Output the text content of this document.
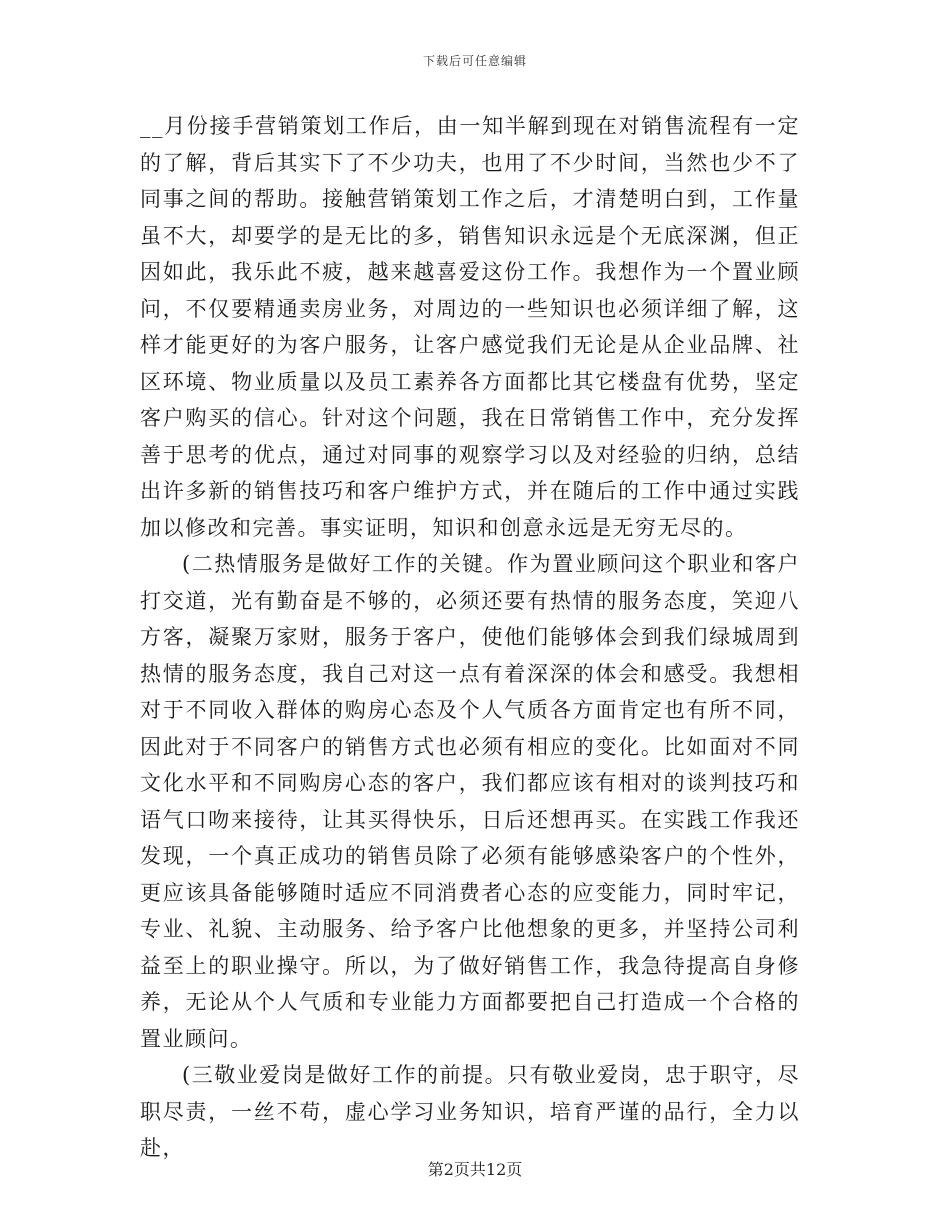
下载后可任意编辑

__月份接手营销策划工作后，由一知半解到现在对销售流程有一定的了解，背后其实下了不少功夫，也用了不少时间，当然也少不了同事之间的帮助。接触营销策划工作之后，才清楚明白到，工作量虽不大，却要学的是无比的多，销售知识永远是个无底深渊，但正因如此，我乐此不疲，越来越喜爱这份工作。我想作为一个置业顾问，不仅要精通卖房业务，对周边的一些知识也必须详细了解，这样才能更好的为客户服务，让客户感觉我们无论是从企业品牌、社区环境、物业质量以及员工素养各方面都比其它楼盘有优势，坚定客户购买的信心。针对这个问题，我在日常销售工作中，充分发挥善于思考的优点，通过对同事的观察学习以及对经验的归纳，总结出许多新的销售技巧和客户维护方式，并在随后的工作中通过实践加以修改和完善。事实证明，知识和创意永远是无穷无尽的。

(二热情服务是做好工作的关键。作为置业顾问这个职业和客户打交道，光有勤奋是不够的，必须还要有热情的服务态度，笑迎八方客，凝聚万家财，服务于客户，使他们能够体会到我们绿城周到热情的服务态度，我自己对这一点有着深深的体会和感受。我想相对于不同收入群体的购房心态及个人气质各方面肯定也有所不同，因此对于不同客户的销售方式也必须有相应的变化。比如面对不同文化水平和不同购房心态的客户，我们都应该有相对的谈判技巧和语气口吻来接待，让其买得快乐，日后还想再买。在实践工作我还发现，一个真正成功的销售员除了必须有能够感染客户的个性外，更应该具备能够随时适应不同消费者心态的应变能力，同时牢记，专业、礼貌、主动服务、给予客户比他想象的更多，并坚持公司利益至上的职业操守。所以，为了做好销售工作，我急待提高自身修养，无论从个人气质和专业能力方面都要把自己打造成一个合格的置业顾问。

(三敬业爱岗是做好工作的前提。只有敬业爱岗，忠于职守，尽职尽责，一丝不苟，虚心学习业务知识，培育严谨的品行，全力以赴，

第2页共12页
